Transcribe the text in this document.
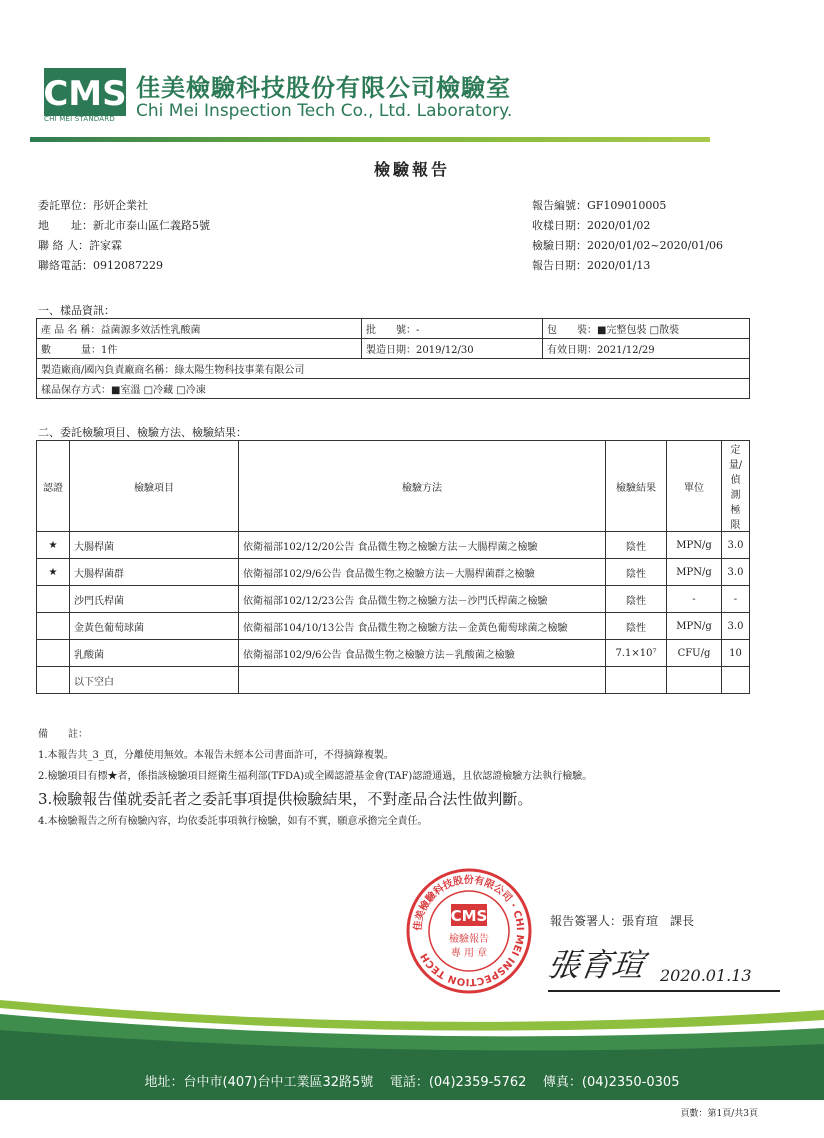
CMS
CHI MEI STANDARD
佳美檢驗科技股份有限公司檢驗室
Chi Mei Inspection Tech Co., Ltd. Laboratory.
檢驗報告
委託單位：彤妍企業社
地　　址：新北市泰山區仁義路5號
聯 絡 人：許家霖
聯絡電話：0912087229
報告編號：GF109010005
收樣日期：2020/01/02
檢驗日期：2020/01/02~2020/01/06
報告日期：2020/01/13
一、樣品資訊：
產 品 名 稱：益菌源多效活性乳酸菌	批　　號：-	包　　裝：■完整包裝 □散裝
數　　　量：1件	製造日期：2019/12/30	有效日期：2021/12/29
製造廠商/國內負責廠商名稱：綠太陽生物科技事業有限公司		
樣品保存方式：■室溫 □冷藏 □冷凍		
二、委託檢驗項目、檢驗方法、檢驗結果：
認證	檢驗項目	檢驗方法	檢驗結果	單位	定量/偵測極限
★	大腸桿菌	依衛福部102/12/20公告 食品微生物之檢驗方法－大腸桿菌之檢驗	陰性	MPN/g	3.0
★	大腸桿菌群	依衛福部102/9/6公告 食品微生物之檢驗方法－大腸桿菌群之檢驗	陰性	MPN/g	3.0
	沙門氏桿菌	依衛福部102/12/23公告 食品微生物之檢驗方法－沙門氏桿菌之檢驗	陰性	-	-
	金黃色葡萄球菌	依衛福部104/10/13公告 食品微生物之檢驗方法－金黃色葡萄球菌之檢驗	陰性	MPN/g	3.0
	乳酸菌	依衛福部102/9/6公告 食品微生物之檢驗方法－乳酸菌之檢驗	7.1×10⁷	CFU/g	10
	以下空白				
備　　註：
1.本報告共_3_頁，分離使用無效。本報告未經本公司書面許可，不得摘錄複製。
2.檢驗項目有標★者，係指該檢驗項目經衛生福利部(TFDA)或全國認證基金會(TAF)認證通過，且依認證檢驗方法執行檢驗。
3.檢驗報告僅就委託者之委託事項提供檢驗結果，不對產品合法性做判斷。
4.本檢驗報告之所有檢驗內容，均依委託事項執行檢驗，如有不實，願意承擔完全責任。
佳美檢驗科技股份有限公司 · CHI MEI INSPECTION TECH
CMS
檢驗報告
專 用 章
報告簽署人：張育瑄　課長
張育瑄 2020.01.13
地址：台中市(407)台中工業區32路5號 電話：(04)2359-5762 傳真：(04)2350-0305
頁數：第1頁/共3頁
